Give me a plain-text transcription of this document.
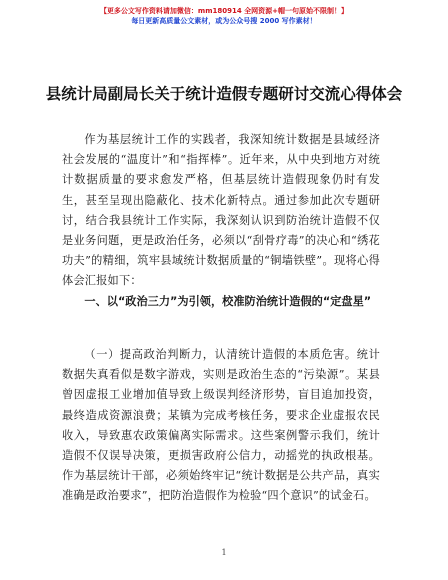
【更多公文写作资料请加微信：mm180914 全网资源+帽一句原始不限制！】
每日更新高质量公文素材，或为公众号搜 2000 写作素材！
县统计局副局长关于统计造假专题研讨交流心得体会

作为基层统计工作的实践者，我深知统计数据是县域经济社会发展的“温度计”和“指挥棒”。近年来，从中央到地方对统计数据质量的要求愈发严格，但基层统计造假现象仍时有发生，甚至呈现出隐蔽化、技术化新特点。通过参加此次专题研讨，结合我县统计工作实际，我深刻认识到防治统计造假不仅是业务问题，更是政治任务，必须以“刮骨疗毒”的决心和“绣花功夫”的精细，筑牢县域统计数据质量的“铜墙铁壁”。现将心得体会汇报如下：

一、以“政治三力”为引领，校准防治统计造假的“定盘星”

（一）提高政治判断力，认清统计造假的本质危害。统计数据失真看似是数字游戏，实则是政治生态的“污染源”。某县曾因虚报工业增加值导致上级误判经济形势，盲目追加投资，最终造成资源浪费；某镇为完成考核任务，要求企业虚报农民收入，导致惠农政策偏离实际需求。这些案例警示我们，统计造假不仅误导决策，更损害政府公信力，动摇党的执政根基。作为基层统计干部，必须始终牢记“统计数据是公共产品，真实准确是政治要求”，把防治造假作为检验“四个意识”的试金石。

1
